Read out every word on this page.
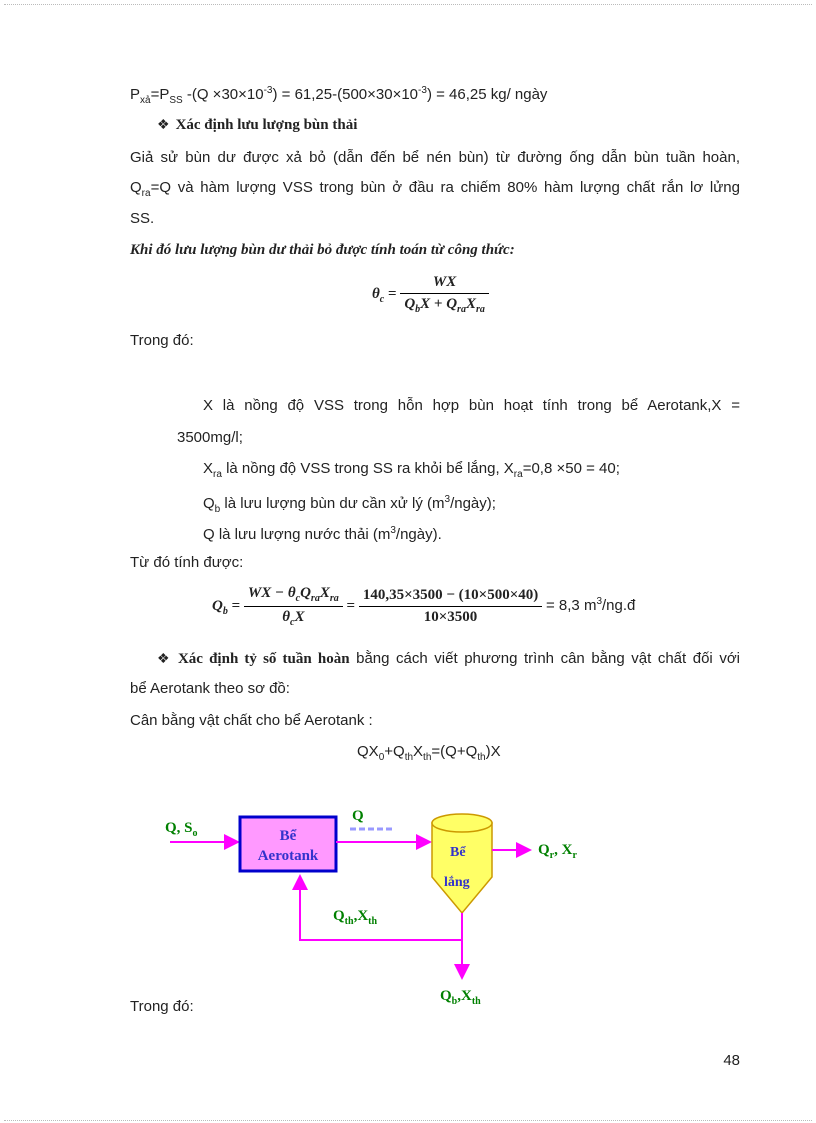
$P_{xả}=P_{SS}$ $-(Q \times 30\times 10^{-3}) = 61,25-(500\times 30\times 10^{-3}) = 46,25$ kg/ ngày
❖ Xác định lưu lượng bùn thải
Giả sử bùn dư được xả bỏ (dẫn đến bể nén bùn) từ đường ống dẫn bùn tuần hoàn,
$Q_{ra}=Q$ và hàm lượng VSS trong bùn ở đầu ra chiếm 80% hàm lượng chất rắn lơ lửng
SS.
Khi đó lưu lượng bùn dư thải bỏ được tính toán từ công thức:
$\theta_c = \frac{WX}{Q_bX + Q_{ra}X_{ra}}$
Trong đó:
X là nồng độ VSS trong hỗn hợp bùn hoạt tính trong bể Aerotank,X =
3500mg/l;
$X_{ra}$ là nồng độ VSS trong SS ra khỏi bể lắng, $X_{ra}=0,8 \times 50 = 40$;
$Q_b$ là lưu lượng bùn dư cần xử lý $(m^3/ngày)$;
Q là lưu lượng nước thải $(m^3/ngày)$.
Từ đó tính được:
$Q_b = \frac{WX - \theta_cQ_{ra}X_{ra}}{\theta_cX} = \frac{140,35\times 3500 - (10\times 500\times 40)}{10\times 3500} = 8,3$ $m^3/ng.đ$
❖ Xác định tỷ số tuần hoàn bằng cách viết phương trình cân bằng vật chất đối với
bể Aerotank theo sơ đồ:
Cân bằng vật chất cho bể Aerotank :
$QX_0+Q_{th}X_{th}=(Q+Q_{th})X$
Q, $S_o$	Bể
Aerotank
Q
Bể
lắng
$Q_r$, $X_r$
$Q_{th},X_{th}$
$Q_b,X_{th}$
Trong đó:
48
